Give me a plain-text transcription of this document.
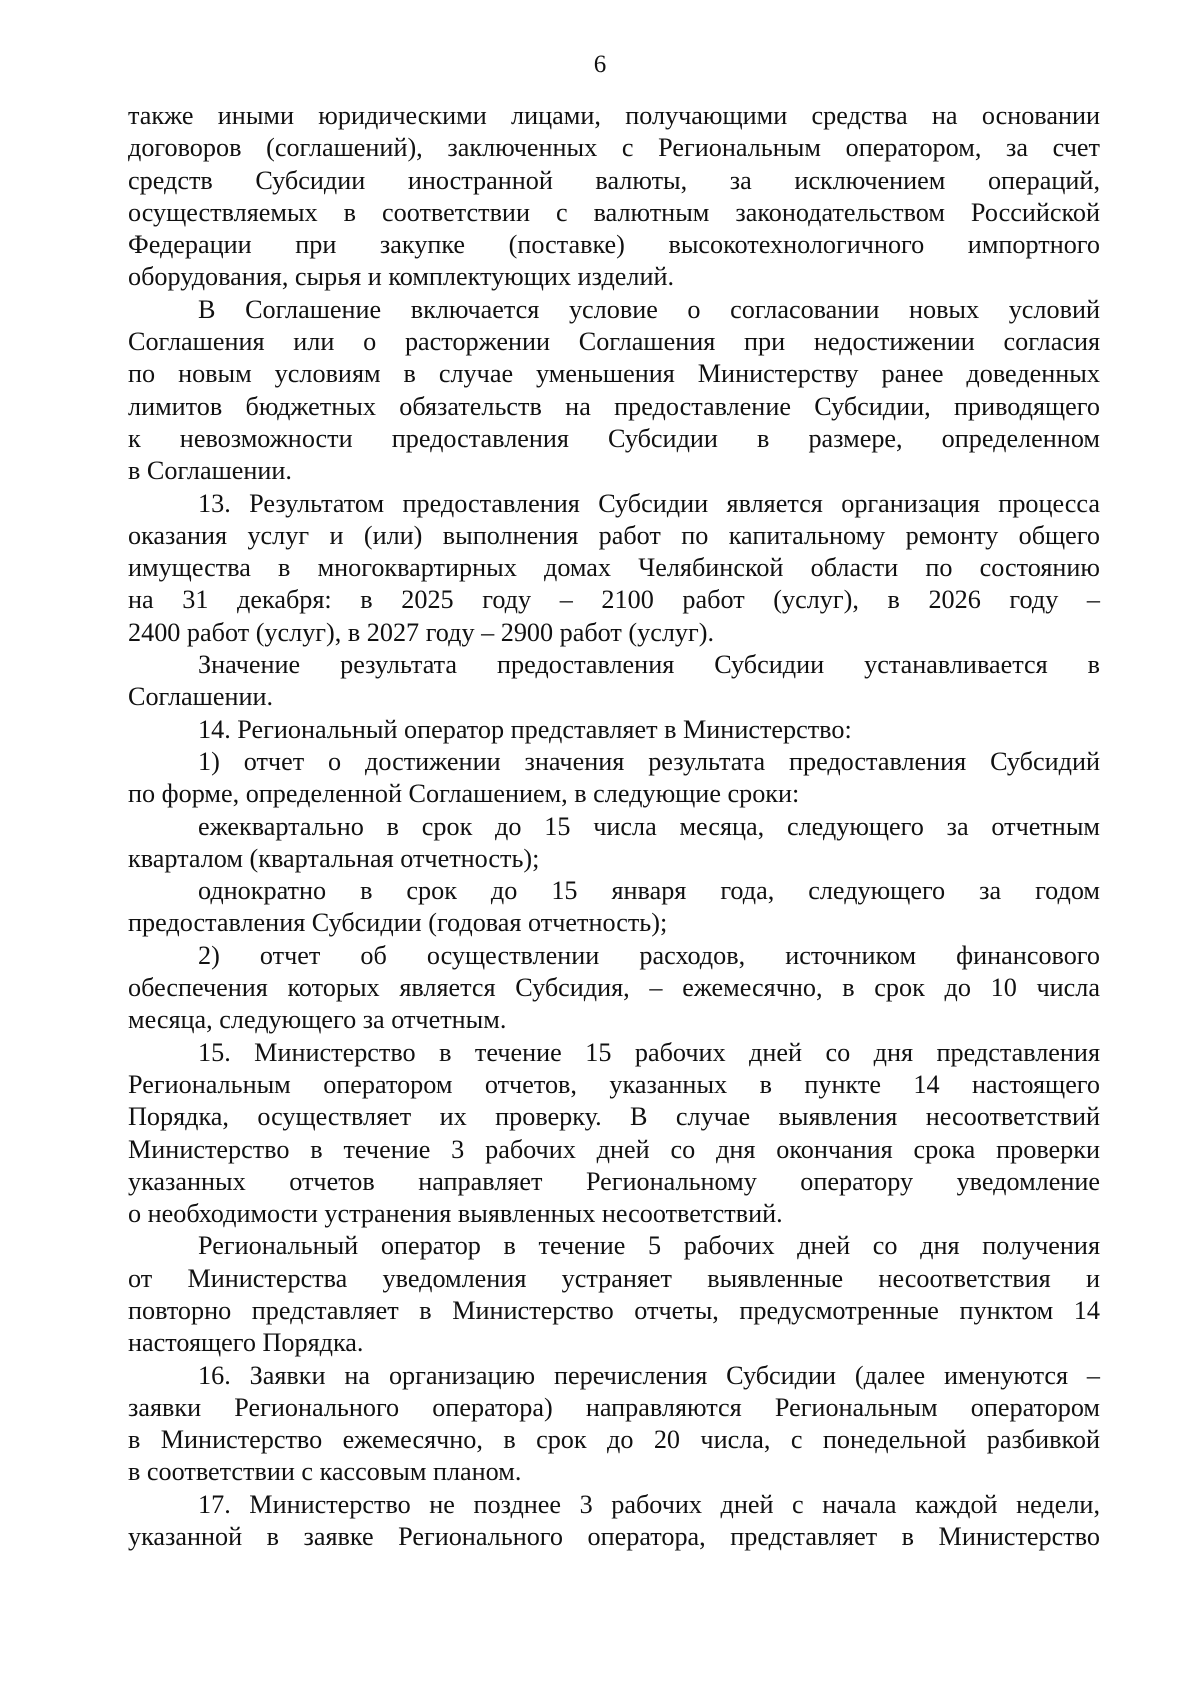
6

также иными юридическими лицами, получающими средства на основании

договоров (соглашений), заключенных с Региональным оператором, за счет

средств Субсидии иностранной валюты, за исключением операций,

осуществляемых в соответствии с валютным законодательством Российской

Федерации при закупке (поставке) высокотехнологичного импортного

оборудования, сырья и комплектующих изделий.

В Соглашение включается условие о согласовании новых условий

Соглашения или о расторжении Соглашения при недостижении согласия

по новым условиям в случае уменьшения Министерству ранее доведенных

лимитов бюджетных обязательств на предоставление Субсидии, приводящего

к невозможности предоставления Субсидии в размере, определенном

в Соглашении.

13. Результатом предоставления Субсидии является организация процесса

оказания услуг и (или) выполнения работ по капитальному ремонту общего

имущества в многоквартирных домах Челябинской области по состоянию

на 31 декабря: в 2025 году – 2100 работ (услуг), в 2026 году –

2400 работ (услуг), в 2027 году – 2900 работ (услуг).

Значение результата предоставления Субсидии устанавливается в

Соглашении.

14. Региональный оператор представляет в Министерство:

1) отчет о достижении значения результата предоставления Субсидий

по форме, определенной Соглашением, в следующие сроки:

ежеквартально в срок до 15 числа месяца, следующего за отчетным

кварталом (квартальная отчетность);

однократно в срок до 15 января года, следующего за годом

предоставления Субсидии (годовая отчетность);

2) отчет об осуществлении расходов, источником финансового

обеспечения которых является Субсидия, – ежемесячно, в срок до 10 числа

месяца, следующего за отчетным.

15. Министерство в течение 15 рабочих дней со дня представления

Региональным оператором отчетов, указанных в пункте 14 настоящего

Порядка, осуществляет их проверку. В случае выявления несоответствий

Министерство в течение 3 рабочих дней со дня окончания срока проверки

указанных отчетов направляет Региональному оператору уведомление

о необходимости устранения выявленных несоответствий.

Региональный оператор в течение 5 рабочих дней со дня получения

от Министерства уведомления устраняет выявленные несоответствия и

повторно представляет в Министерство отчеты, предусмотренные пунктом 14

настоящего Порядка.

16. Заявки на организацию перечисления Субсидии (далее именуются –

заявки Регионального оператора) направляются Региональным оператором

в Министерство ежемесячно, в срок до 20 числа, с понедельной разбивкой

в соответствии с кассовым планом.

17. Министерство не позднее 3 рабочих дней с начала каждой недели,

указанной в заявке Регионального оператора, представляет в Министерство
